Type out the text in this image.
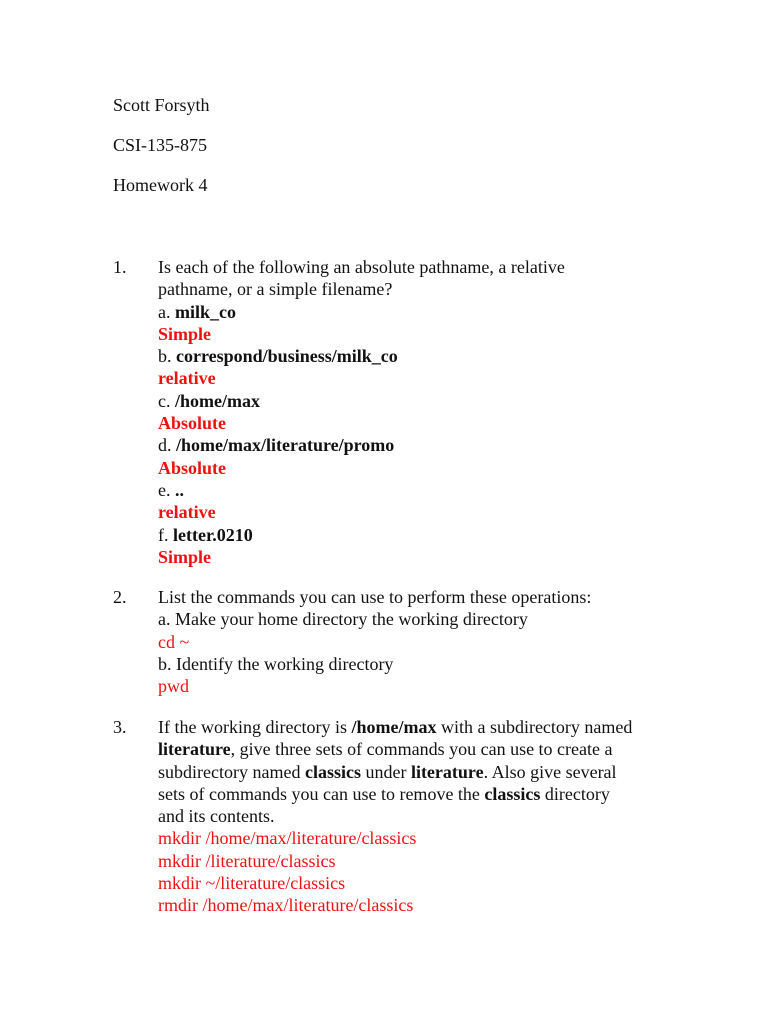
Scott Forsyth
CSI-135-875
Homework 4
1. Is each of the following an absolute pathname, a relative
pathname, or a simple filename?
a. milk_co
Simple
b. correspond/business/milk_co
relative
c. /home/max
Absolute
d. /home/max/literature/promo
Absolute
e. ..
relative
f. letter.0210
Simple
2. List the commands you can use to perform these operations:
a. Make your home directory the working directory
cd ~
b. Identify the working directory
pwd
3. If the working directory is /home/max with a subdirectory named
literature, give three sets of commands you can use to create a
subdirectory named classics under literature. Also give several
sets of commands you can use to remove the classics directory
and its contents.
mkdir /home/max/literature/classics
mkdir /literature/classics
mkdir ~/literature/classics
rmdir /home/max/literature/classics
